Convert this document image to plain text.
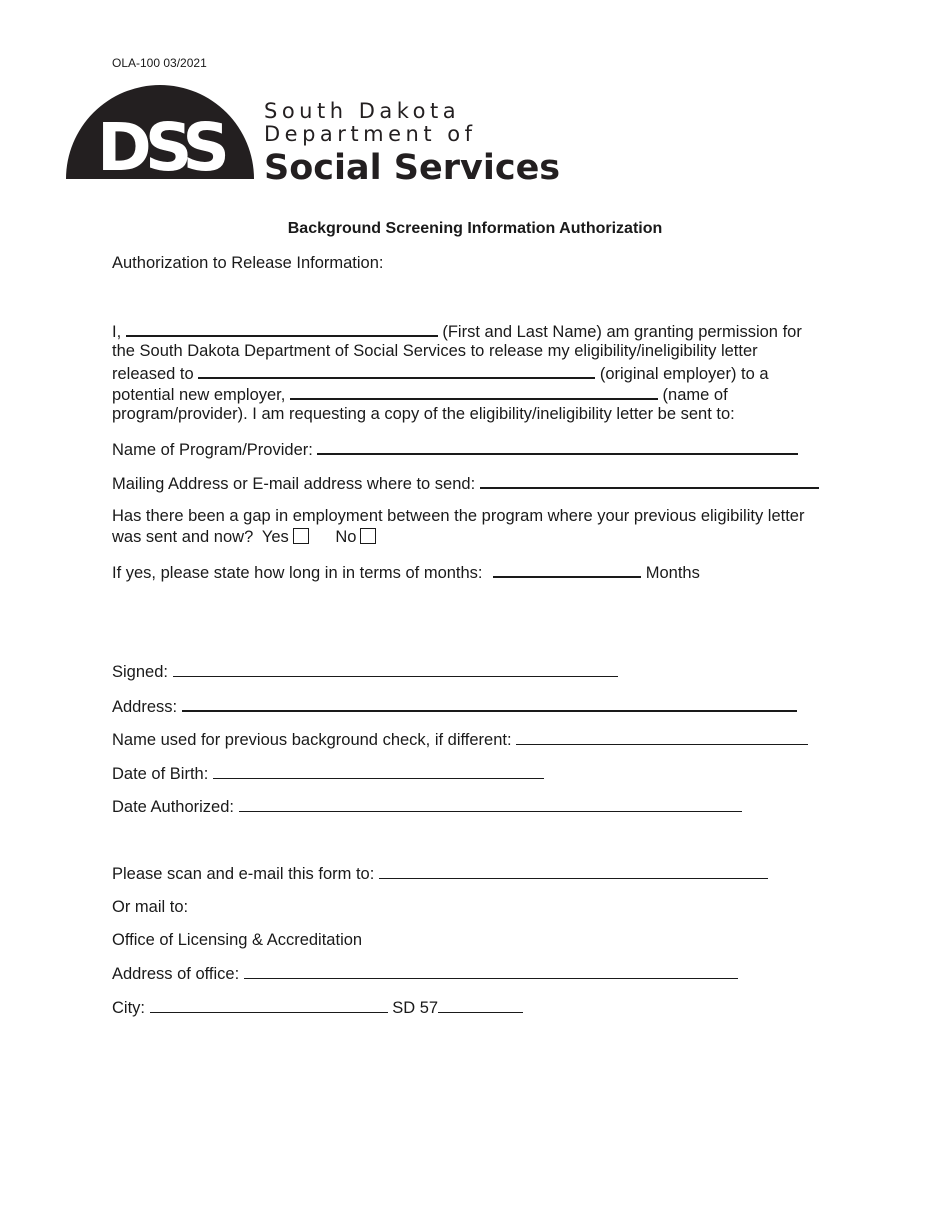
OLA-100 03/2021
DSS South Dakota
Department of
Social Services
Background Screening Information Authorization
Authorization to Release Information:
I,	(First and Last Name) am granting permission for
the South Dakota Department of Social Services to release my eligibility/ineligibility letter
released to	(original employer) to a
potential new employer,	(name of
program/provider). I am requesting a copy of the eligibility/ineligibility letter be sent to:
Name of Program/Provider:
Mailing Address or E-mail address where to send:
Has there been a gap in employment between the program where your previous eligibility letter
was sent and now? Yes	No
If yes, please state how long in in terms of months:	Months
Signed:
Address:
Name used for previous background check, if different:
Date of Birth:
Date Authorized:
Please scan and e-mail this form to:
Or mail to:
Office of Licensing & Accreditation
Address of office:
City:	SD 57
